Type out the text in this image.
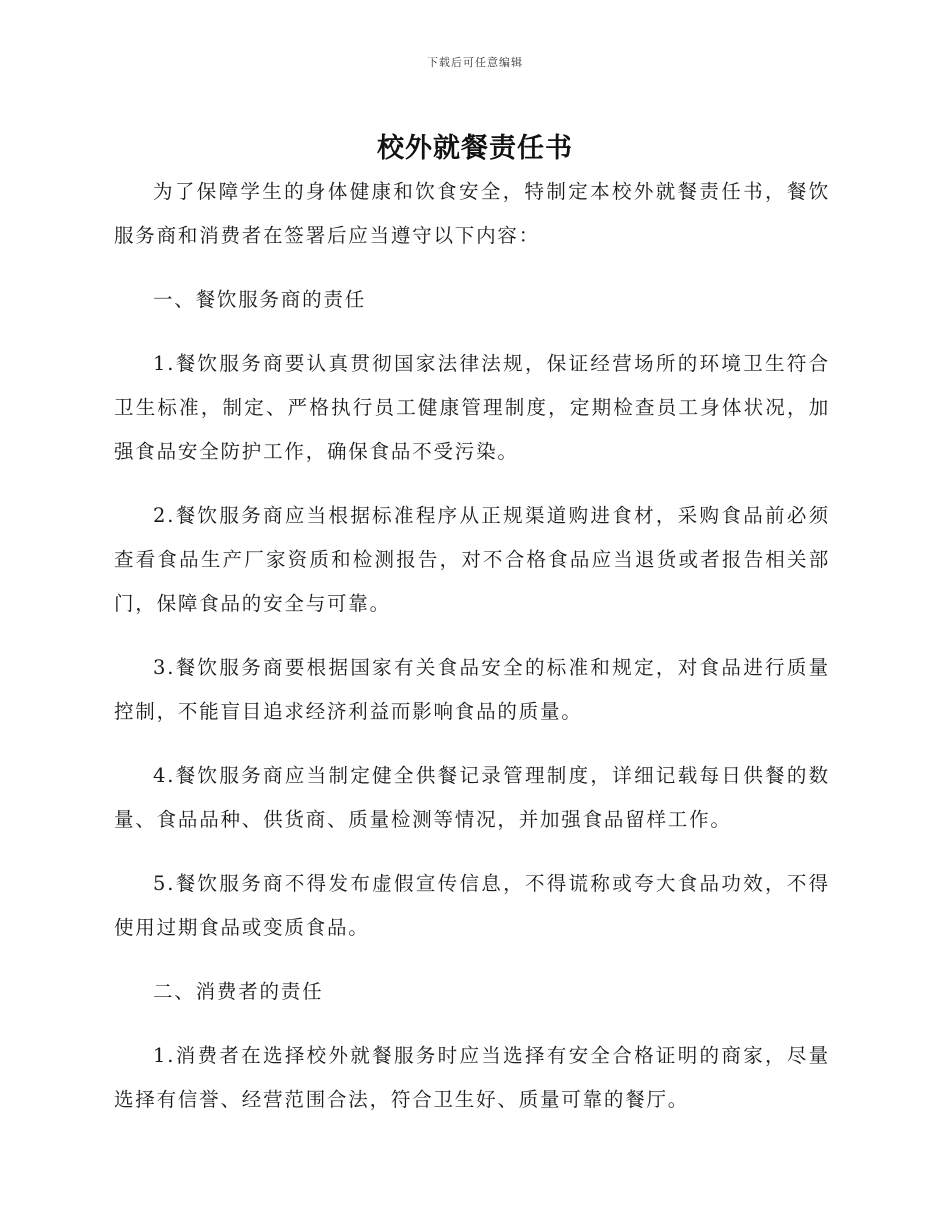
下载后可任意编辑
校外就餐责任书

为了保障学生的身体健康和饮食安全，特制定本校外就餐责任书，餐饮服务商和消费者在签署后应当遵守以下内容：

一、餐饮服务商的责任

1.餐饮服务商要认真贯彻国家法律法规，保证经营场所的环境卫生符合卫生标准，制定、严格执行员工健康管理制度，定期检查员工身体状况，加强食品安全防护工作，确保食品不受污染。

2.餐饮服务商应当根据标准程序从正规渠道购进食材，采购食品前必须查看食品生产厂家资质和检测报告，对不合格食品应当退货或者报告相关部门，保障食品的安全与可靠。

3.餐饮服务商要根据国家有关食品安全的标准和规定，对食品进行质量控制，不能盲目追求经济利益而影响食品的质量。

4.餐饮服务商应当制定健全供餐记录管理制度，详细记载每日供餐的数量、食品品种、供货商、质量检测等情况，并加强食品留样工作。

5.餐饮服务商不得发布虚假宣传信息，不得谎称或夸大食品功效，不得使用过期食品或变质食品。

二、消费者的责任

1.消费者在选择校外就餐服务时应当选择有安全合格证明的商家，尽量选择有信誉、经营范围合法，符合卫生好、质量可靠的餐厅。
